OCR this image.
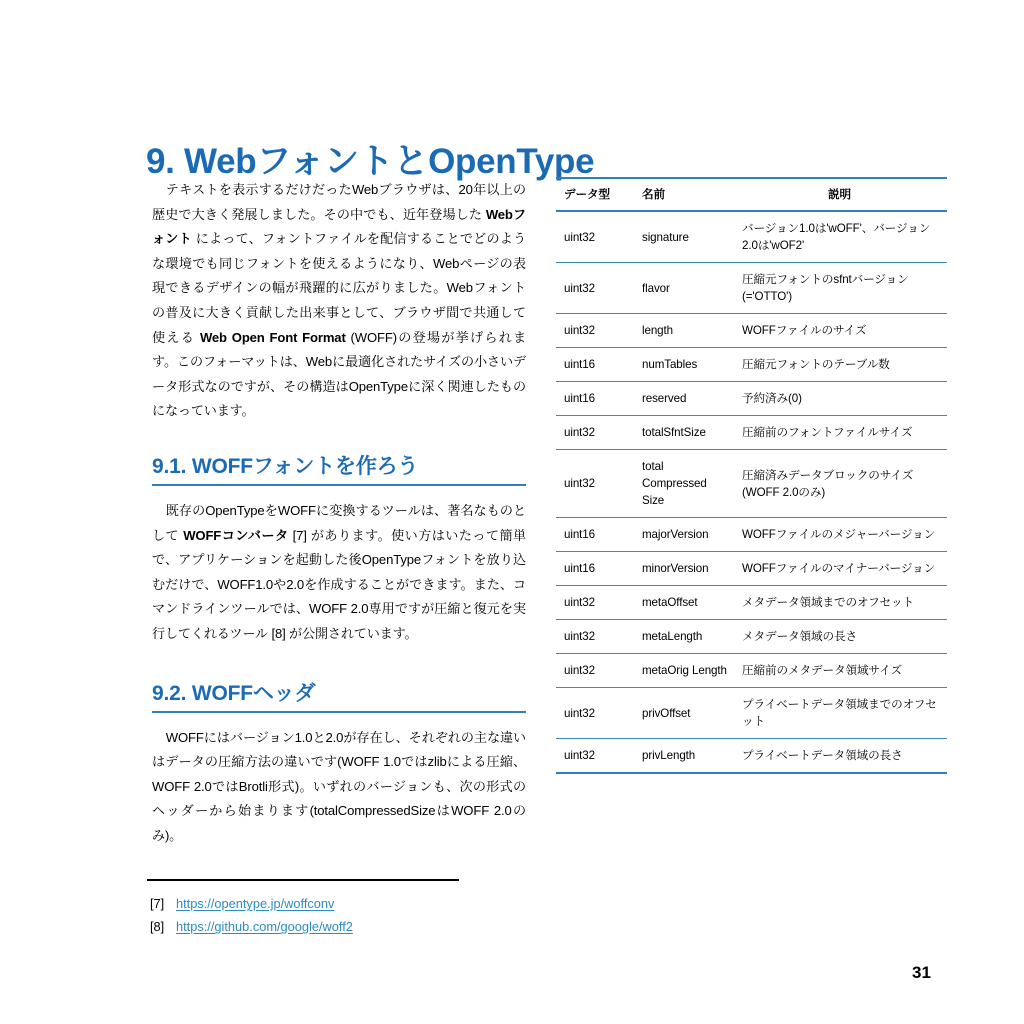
9. WebフォントとOpenType

テキストを表示するだけだったWebブラウザは、20年以上の歴史で大きく発展しました。その中でも、近年登場した Webフォント によって、フォントファイルを配信することでどのような環境でも同じフォントを使えるようになり、Webページの表現できるデザインの幅が飛躍的に広がりました。Webフォントの普及に大きく貢献した出来事として、ブラウザ間で共通して使える Web Open Font Format (WOFF)の登場が挙げられます。このフォーマットは、Webに最適化されたサイズの小さいデータ形式なのですが、その構造はOpenTypeに深く関連したものになっています。

9.1. WOFFフォントを作ろう

既存のOpenTypeをWOFFに変換するツールは、著名なものとして WOFFコンバータ [7] があります。使い方はいたって簡単で、アプリケーションを起動した後OpenTypeフォントを放り込むだけで、WOFF1.0や2.0を作成することができます。また、コマンドラインツールでは、WOFF 2.0専用ですが圧縮と復元を実行してくれるツール [8] が公開されています。

9.2. WOFFヘッダ

WOFFにはバージョン1.0と2.0が存在し、それぞれの主な違いはデータの圧縮方法の違いです(WOFF 1.0ではzlibによる圧縮、WOFF 2.0ではBrotli形式)。いずれのバージョンも、次の形式のヘッダーから始まります(totalCompressedSizeはWOFF 2.0のみ)。

データ型	名前	説明
uint32	signature	バージョン1.0は'wOFF'、バージョン2.0は'wOF2'
uint32	flavor	圧縮元フォントのsfntバージョン(='OTTO')
uint32	length	WOFFファイルのサイズ
uint16	numTables	圧縮元フォントのテーブル数
uint16	reserved	予約済み(0)
uint32	totalSfntSize	圧縮前のフォントファイルサイズ
uint32	total Compressed Size	圧縮済みデータブロックのサイズ(WOFF 2.0のみ)
uint16	majorVersion	WOFFファイルのメジャーバージョン
uint16	minorVersion	WOFFファイルのマイナーバージョン
uint32	metaOffset	メタデータ領域までのオフセット
uint32	metaLength	メタデータ領域の長さ
uint32	metaOrig Length	圧縮前のメタデータ領域サイズ
uint32	privOffset	プライベートデータ領域までのオフセット
uint32	privLength	プライベートデータ領域の長さ
[7] https://opentype.jp/woffconv
[8] https://github.com/google/woff2
31
